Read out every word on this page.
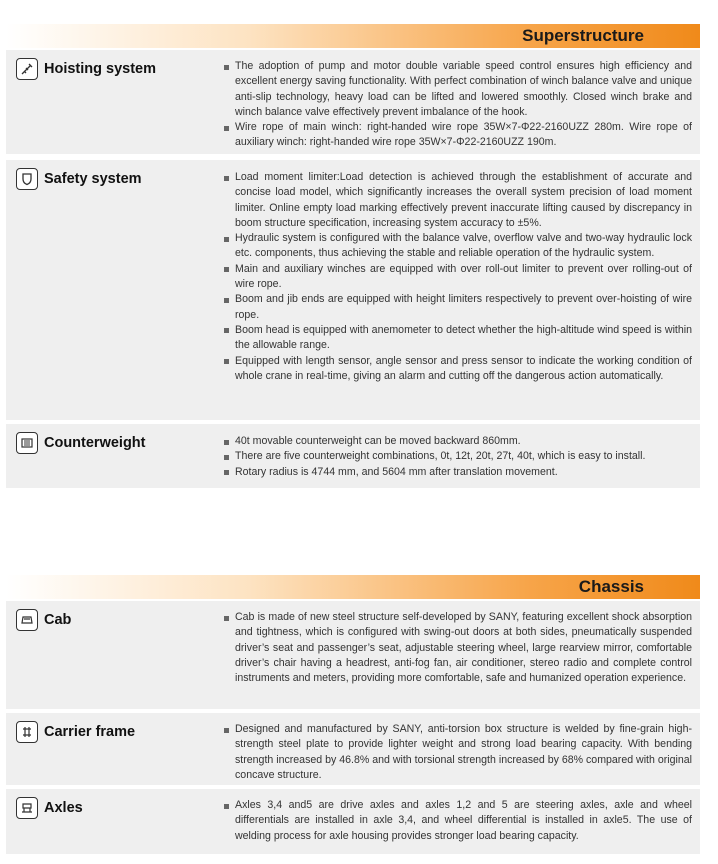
Superstructure
Hoisting system	The adoption of pump and motor double variable speed control ensures high efficiency and excellent energy saving functionality. With perfect combination of winch balance valve and unique anti-slip technology, heavy load can be lifted and lowered smoothly. Closed winch brake and winch balance valve effectively prevent imbalance of the hook.
Wire rope of main winch: right-handed wire rope 35W×7-Φ22-2160UZZ 280m. Wire rope of auxiliary winch: right-handed wire rope 35W×7-Φ22-2160UZZ 190m.
Safety system	Load moment limiter:Load detection is achieved through the establishment of accurate and concise load model, which significantly increases the overall system precision of load moment limiter. Online empty load marking effectively prevent inaccurate lifting caused by discrepancy in boom structure specification, increasing system accuracy to ±5%.
Hydraulic system is configured with the balance valve, overflow valve and two-way hydraulic lock etc. components, thus achieving the stable and reliable operation of the hydraulic system.
Main and auxiliary winches are equipped with over roll-out limiter to prevent over rolling-out of wire rope.
Boom and jib ends are equipped with height limiters respectively to prevent over-hoisting of wire rope.
Boom head is equipped with anemometer to detect whether the high-altitude wind speed is within the allowable range.
Equipped with length sensor, angle sensor and press sensor to indicate the working condition of whole crane in real-time, giving an alarm and cutting off the dangerous action automatically.
Counterweight	40t movable counterweight can be moved backward 860mm.
There are five counterweight combinations, 0t, 12t, 20t, 27t, 40t, which is easy to install.
Rotary radius is 4744 mm, and 5604 mm after translation movement.
Chassis
Cab	Cab is made of new steel structure self-developed by SANY, featuring excellent shock absorption and tightness, which is configured with swing-out doors at both sides, pneumatically suspended driver’s seat and passenger’s seat, adjustable steering wheel, large rearview mirror, comfortable driver’s chair having a headrest, anti-fog fan, air conditioner, stereo radio and complete control instruments and meters, providing more comfortable, safe and humanized operation experience.
Carrier frame	Designed and manufactured by SANY, anti-torsion box structure is welded by fine-grain high-strength steel plate to provide lighter weight and strong load bearing capacity. With bending strength increased by 46.8% and with torsional strength increased by 68% compared with original concave structure.
Axles	Axles 3,4 and5 are drive axles and axles 1,2 and 5 are steering axles, axle and wheel differentials are installed in axle 3,4, and wheel differential is installed in axle5. The use of welding process for axle housing provides stronger load bearing capacity.
